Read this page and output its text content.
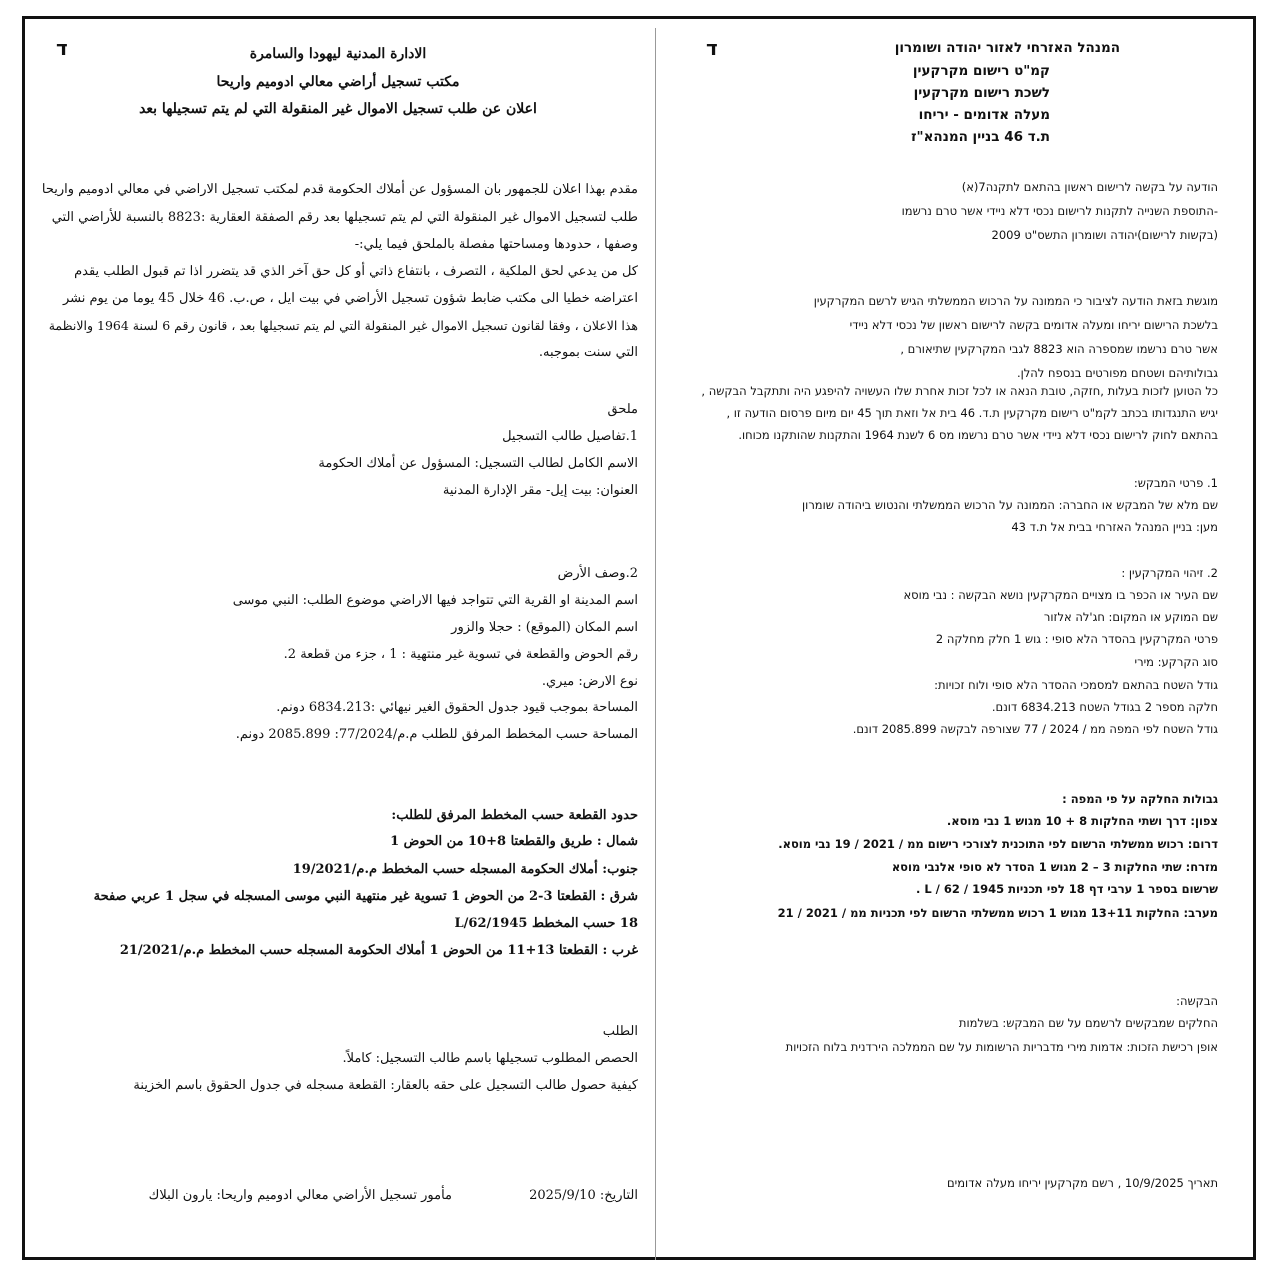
ד	ד
الادارة المدنية ليهودا والسامرة
مكتب تسجيل أراضي معالي ادوميم واريحا
اعلان عن طلب تسجيل الاموال غير المنقولة التي لم يتم تسجيلها بعد
مقدم بهذا اعلان للجمهور بان المسؤول عن أملاك الحكومة قدم لمكتب تسجيل الاراضي في معالي ادوميم واريحا
طلب لتسجيل الاموال غير المنقولة التي لم يتم تسجيلها بعد رقم الصفقة العقارية :8823 بالنسبة للأراضي التي
وصفها ، حدودها ومساحتها مفصلة بالملحق فيما يلي:-
كل من يدعي لحق الملكية ، التصرف ، بانتفاع ذاتي أو كل حق آخر الذي قد يتضرر اذا تم قبول الطلب يقدم
اعتراضه خطيا الى مكتب ضابط شؤون تسجيل الأراضي في بيت ايل ، ص.ب. 46 خلال 45 يوما من يوم نشر
هذا الاعلان ، وفقا لقانون تسجيل الاموال غير المنقولة التي لم يتم تسجيلها بعد ، قانون رقم 6 لسنة 1964 والانظمة
التي سنت بموجبه.
ملحق
1.تفاصيل طالب التسجيل
الاسم الكامل لطالب التسجيل: المسؤول عن أملاك الحكومة
العنوان: بيت إيل- مقر الإدارة المدنية
2.وصف الأرض
اسم المدينة او القرية التي تتواجد فيها الاراضي موضوع الطلب: النبي موسى
اسم المكان (الموقع) : حجلا والزور
رقم الحوض والقطعة في تسوية غير منتهية : 1 ، جزء من قطعة 2.
نوع الارض: ميري.
المساحة بموجب قيود جدول الحقوق الغير نيهائي :6834.213 دونم.
المساحة حسب المخطط المرفق للطلب م.م/77/2024: 2085.899 دونم.
حدود القطعة حسب المخطط المرفق للطلب:
شمال : طريق والقطعتا 8+10 من الحوض 1
جنوب: أملاك الحكومة المسجله حسب المخطط م.م/19/2021
شرق : القطعتا 3-2 من الحوض 1 تسوية غير منتهية النبي موسى المسجله في سجل 1 عربي صفحة
18 حسب المخطط L/62/1945
غرب : القطعتا 13+11 من الحوض 1 أملاك الحكومة المسجله حسب المخطط م.م/21/2021
الطلب
الحصص المطلوب تسجيلها باسم طالب التسجيل: كاملاً.
كيفية حصول طالب التسجيل على حقه بالعقار: القطعة مسجله في جدول الحقوق باسم الخزينة
التاريخ: 2025/9/10
مأمور تسجيل الأراضي معالي ادوميم واريحا: يارون البلاك
המנהל האזרחי לאזור יהודה ושומרון
קמ"ט רישום מקרקעין
לשכת רישום מקרקעין
מעלה אדומים - יריחו
ת.ד 46 בניין המנהא"ז
הודעה על בקשה לרישום ראשון בהתאם לתקנה7(א)
-התוספת השנייה לתקנות לרישום נכסי דלא ניידי אשר טרם נרשמו
(בקשות לרישום)יהודה ושומרון התשס"ט 2009
מוגשת בזאת הודעה לציבור כי הממונה על הרכוש הממשלתי הגיש לרשם המקרקעין
בלשכת הרישום יריחו ומעלה אדומים בקשה לרישום ראשון של נכסי דלא ניידי
אשר טרם נרשמו שמספרה הוא 8823 לגבי המקרקעין שתיאורם ,
גבולותיהם ושטחם מפורטים בנספח להלן.
כל הטוען לזכות בעלות ,חזקה, טובת הנאה או לכל זכות אחרת שלו העשויה להיפגע היה ותתקבל הבקשה ,
יגיש התנגדותו בכתב לקמ"ט רישום מקרקעין ת.ד. 46 בית אל וזאת תוך 45 יום מיום פרסום הודעה זו ,
בהתאם לחוק לרישום נכסי דלא ניידי אשר טרם נרשמו מס 6 לשנת 1964 והתקנות שהותקנו מכוחו.
1. פרטי המבקש:
שם מלא של המבקש או החברה: הממונה על הרכוש הממשלתי והנטוש ביהודה שומרון
מען: בניין המנהל האזרחי בבית אל ת.ד 43
2. זיהוי המקרקעין :
שם העיר או הכפר בו מצויים המקרקעין נושא הבקשה : נבי מוסא
שם המוקע או המקום: חג'לה אלזור
פרטי המקרקעין בהסדר הלא סופי : גוש 1 חלק מחלקה 2
סוג הקרקע: מירי
גודל השטח בהתאם למסמכי ההסדר הלא סופי ולוח זכויות:
חלקה מספר 2 בגודל השטח 6834.213 דונם.
גודל השטח לפי המפה ממ / 2024 / 77 שצורפה לבקשה 2085.899 דונם.
גבולות החלקה על פי המפה :
צפון: דרך ושתי החלקות 8 + 10 מגוש 1 נבי מוסא.
דרום: רכוש ממשלתי הרשום לפי התוכנית לצורכי רישום ממ / 2021 / 19 נבי מוסא.
מזרח: שתי החלקות 3 – 2 מגוש 1 הסדר לא סופי אלנבי מוסא
שרשום בספר 1 ערבי דף 18 לפי תכניות L / 62 / 1945 .
מערב: החלקות 13+11 מגוש 1 רכוש ממשלתי הרשום לפי תכניות ממ / 2021 / 21
הבקשה:
החלקים שמבקשים לרשמם על שם המבקש: בשלמות
אופן רכישת הזכות: אדמות מירי מדבריות הרשומות על שם הממלכה הירדנית בלוח הזכויות
תאריך 10/9/2025 , רשם מקרקעין יריחו מעלה אדומים
